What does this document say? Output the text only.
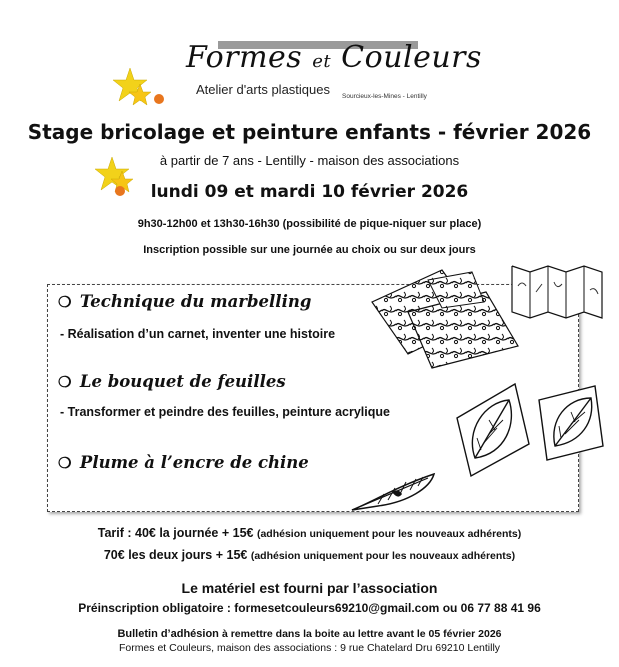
Formes et Couleurs
Atelier d'arts plastiques Sourcieux-les-Mines - Lentilly
Stage bricolage et peinture enfants - février 2026
à partir de 7 ans - Lentilly - maison des associations
lundi 09 et mardi 10 février 2026
9h30-12h00 et 13h30-16h30 (possibilité de pique-niquer sur place)
Inscription possible sur une journée au choix ou sur deux jours
❍ Technique du marbelling
- Réalisation d’un carnet, inventer une histoire
❍ Le bouquet de feuilles
- Transformer et peindre des feuilles, peinture acrylique
❍ Plume à l’encre de chine
Tarif : 40€ la journée + 15€ (adhésion uniquement pour les nouveaux adhérents)
70€ les deux jours + 15€ (adhésion uniquement pour les nouveaux adhérents)
Le matériel est fourni par l’association
Préinscription obligatoire : formesetcouleurs69210@gmail.com ou 06 77 88 41 96
Bulletin d’adhésion à remettre dans la boite au lettre avant le 05 février 2026
Formes et Couleurs, maison des associations : 9 rue Chatelard Dru 69210 Lentilly
